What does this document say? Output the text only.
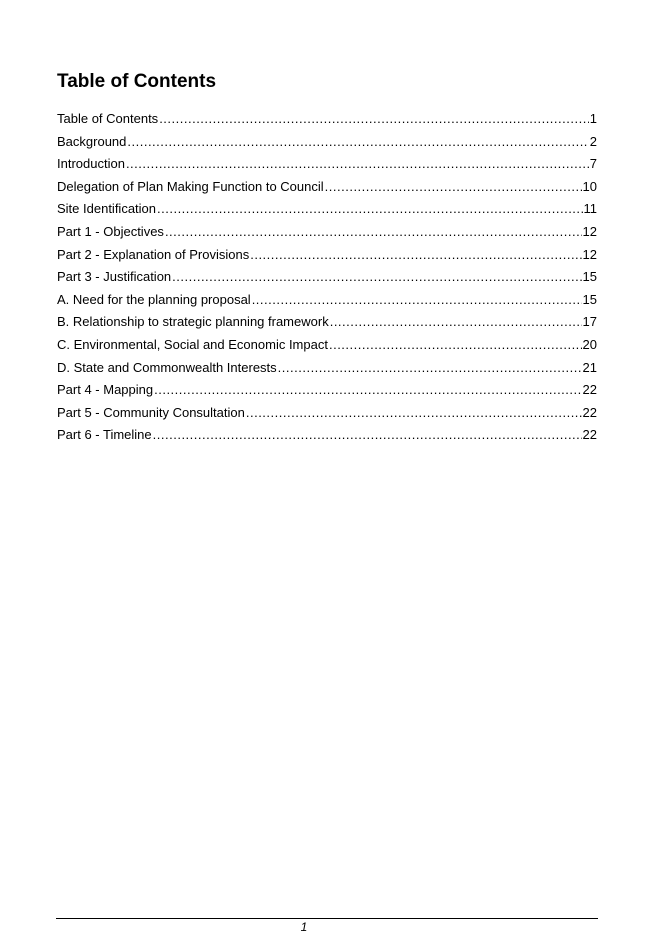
Table of Contents
Table of Contents .....	1
Background .....	2
Introduction .....	7
Delegation of Plan Making Function to Council .....	10
Site Identification .....	11
Part 1 - Objectives .....	12
Part 2 - Explanation of Provisions .....	12
Part 3 - Justification .....	15
A. Need for the planning proposal .....	15
B. Relationship to strategic planning framework .....	17
C. Environmental, Social and Economic Impact .....	20
D. State and Commonwealth Interests .....	21
Part 4 - Mapping .....	22
Part 5 - Community Consultation .....	22
Part 6 - Timeline .....	22
1
